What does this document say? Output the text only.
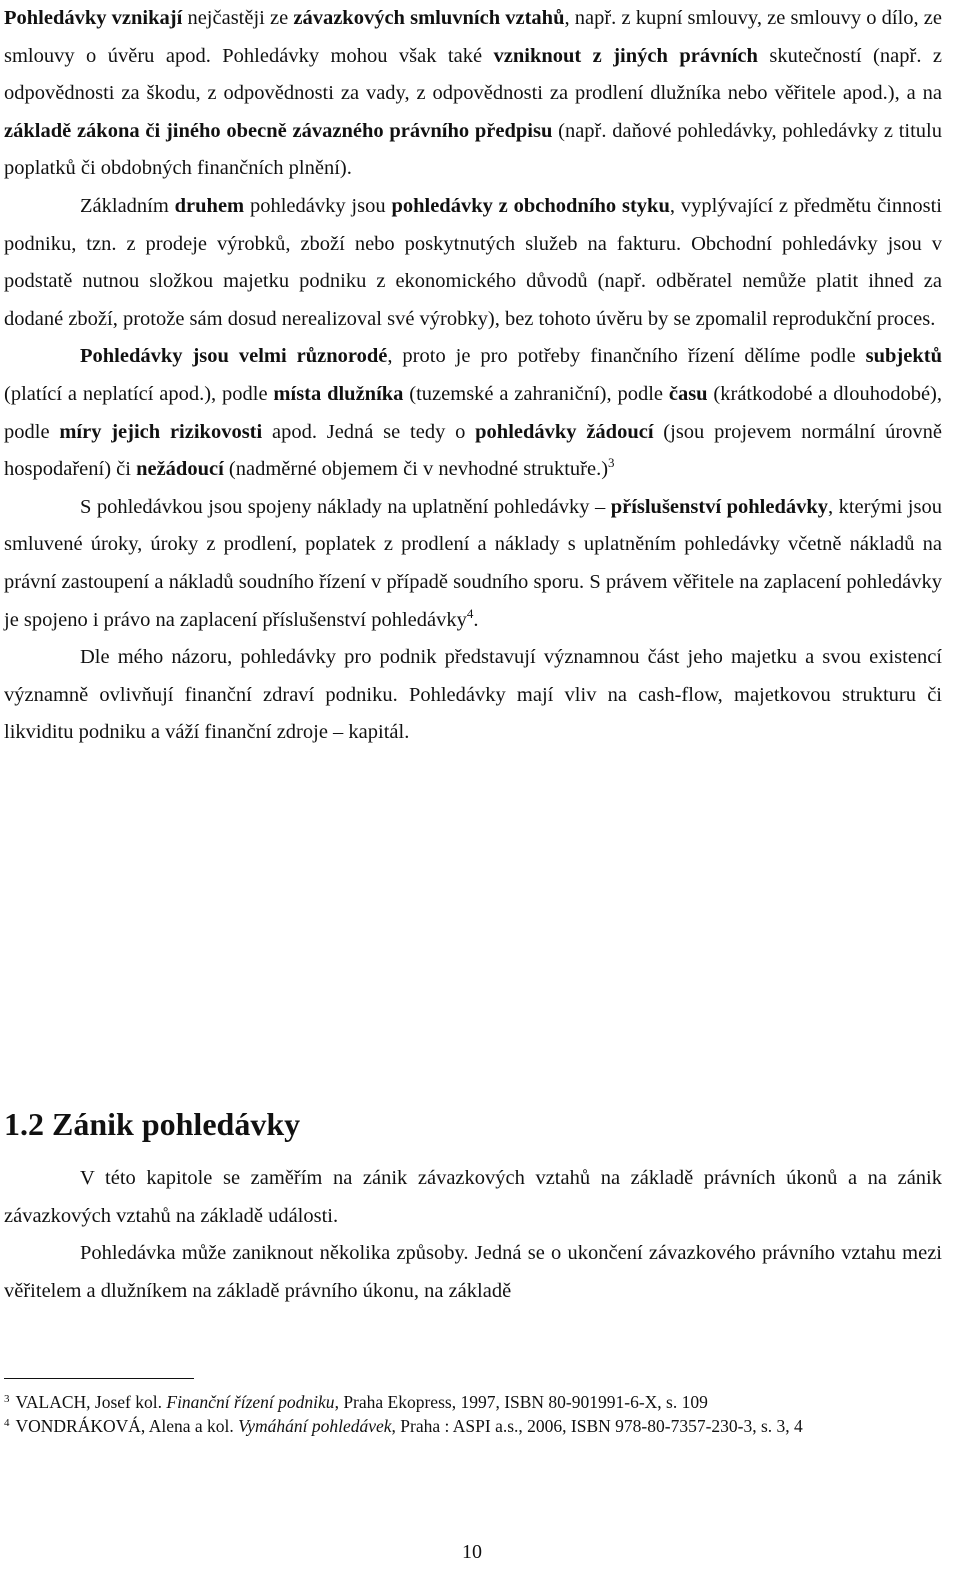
Pohledávky vznikají nejčastěji ze závazkových smluvních vztahů, např. z kupní smlouvy, ze smlouvy o dílo, ze smlouvy o úvěru apod. Pohledávky mohou však také vzniknout z jiných právních skutečností (např. z odpovědnosti za škodu, z odpovědnosti za vady, z odpovědnosti za prodlení dlužníka nebo věřitele apod.), a na základě zákona či jiného obecně závazného právního předpisu (např. daňové pohledávky, pohledávky z titulu poplatků či obdobných finančních plnění).

Základním druhem pohledávky jsou pohledávky z obchodního styku, vyplývající z předmětu činnosti podniku, tzn. z prodeje výrobků, zboží nebo poskytnutých služeb na fakturu. Obchodní pohledávky jsou v podstatě nutnou složkou majetku podniku z ekonomického důvodů (např. odběratel nemůže platit ihned za dodané zboží, protože sám dosud nerealizoval své výrobky), bez tohoto úvěru by se zpomalil reprodukční proces.

Pohledávky jsou velmi různorodé, proto je pro potřeby finančního řízení dělíme podle subjektů (platící a neplatící apod.), podle místa dlužníka (tuzemské a zahraniční), podle času (krátkodobé a dlouhodobé), podle míry jejich rizikovosti apod. Jedná se tedy o pohledávky žádoucí (jsou projevem normální úrovně hospodaření) či nežádoucí (nadměrné objemem či v nevhodné struktuře.)$^3$

S pohledávkou jsou spojeny náklady na uplatnění pohledávky – příslušenství pohledávky, kterými jsou smluvené úroky, úroky z prodlení, poplatek z prodlení a náklady s uplatněním pohledávky včetně nákladů na právní zastoupení a nákladů soudního řízení v případě soudního sporu. S právem věřitele na zaplacení pohledávky je spojeno i právo na zaplacení příslušenství pohledávky$^4$.

Dle mého názoru, pohledávky pro podnik představují významnou část jeho majetku a svou existencí významně ovlivňují finanční zdraví podniku. Pohledávky mají vliv na cash-flow, majetkovou strukturu či likviditu podniku a váží finanční zdroje – kapitál.

1.2 Zánik pohledávky

V této kapitole se zaměřím na zánik závazkových vztahů na základě právních úkonů a na zánik závazkových vztahů na základě události.

Pohledávka může zaniknout několika způsoby. Jedná se o ukončení závazkového právního vztahu mezi věřitelem a dlužníkem na základě právního úkonu, na základě

$^3$ VALACH, Josef kol. Finanční řízení podniku, Praha Ekopress, 1997, ISBN 80-901991-6-X, s. 109

$^4$ VONDRÁKOVÁ, Alena a kol. Vymáhání pohledávek, Praha : ASPI a.s., 2006, ISBN 978-80-7357-230-3, s. 3, 4

10
